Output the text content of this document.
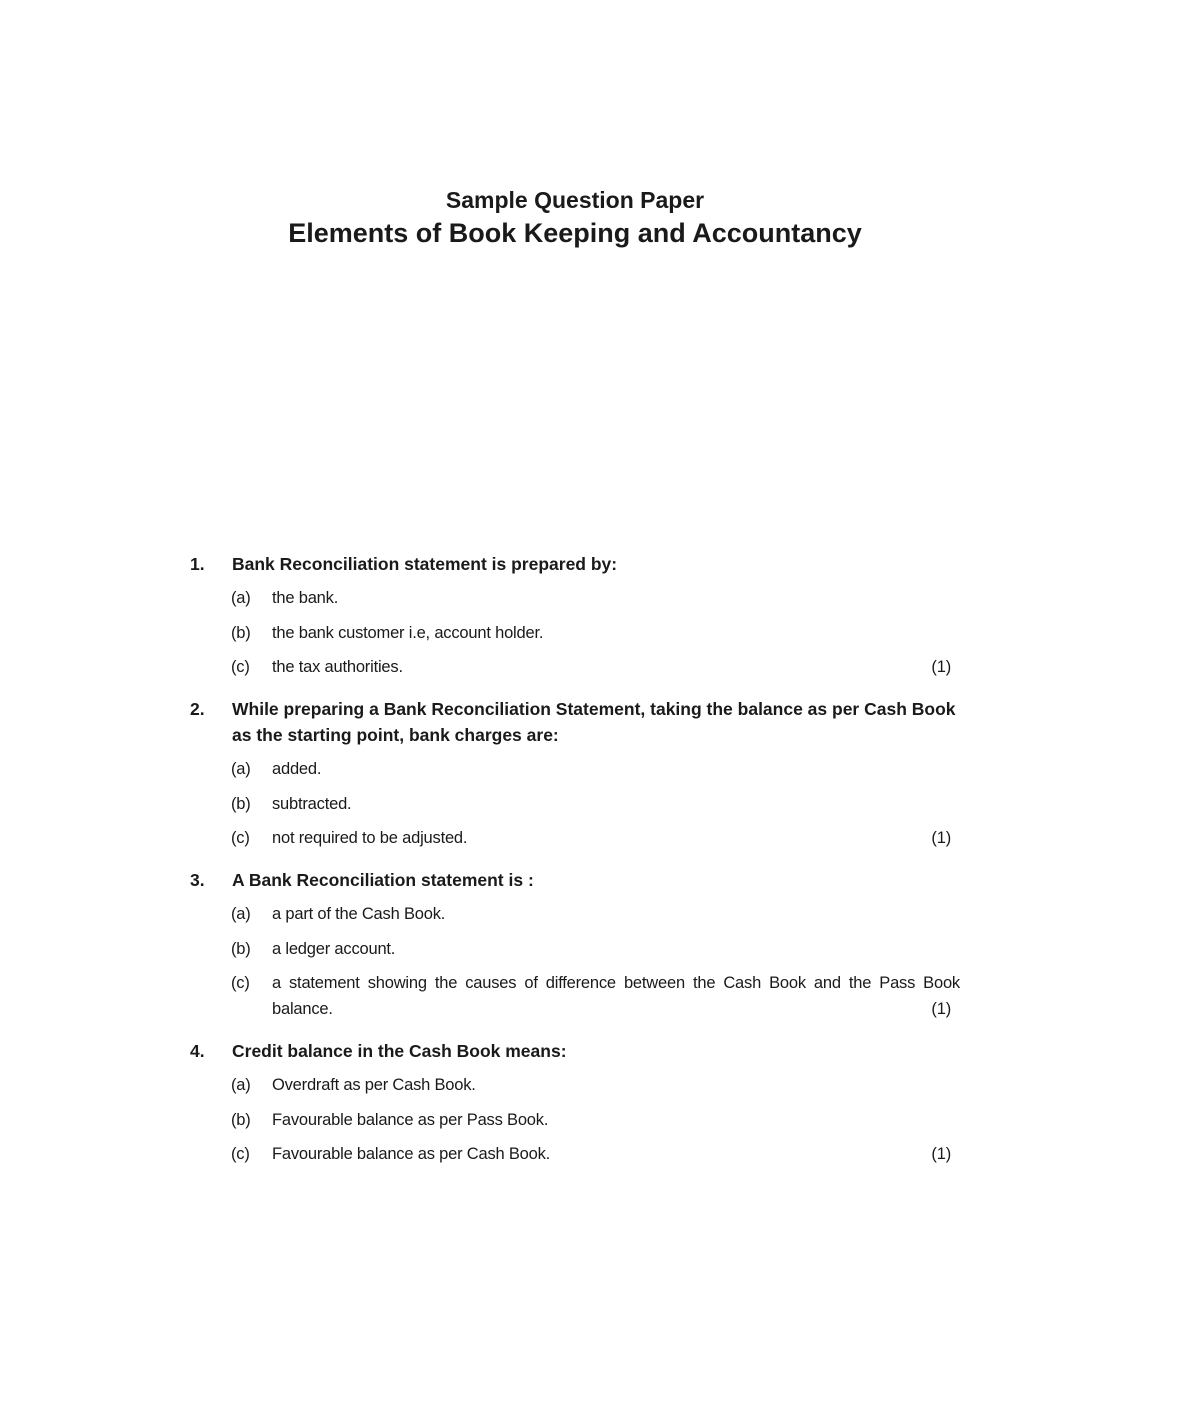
Sample Question Paper

Elements of Book Keeping and Accountancy

1.	Bank Reconciliation statement is prepared by:
(a)	the bank.
(b)	the bank customer i.e, account holder.
(c)	the tax authorities.	(1)
2.	While preparing a Bank Reconciliation Statement, taking the balance as per Cash Book as the starting point, bank charges are:
(a)	added.
(b)	subtracted.
(c)	not required to be adjusted.	(1)
3.	A Bank Reconciliation statement is :
(a)	a part of the Cash Book.
(b)	a ledger account.
(c)	a statement showing the causes of difference between the Cash Book and the Pass Book balance.	(1)
4.	Credit balance in the Cash Book means:
(a)	Overdraft as per Cash Book.
(b)	Favourable balance as per Pass Book.
(c)	Favourable balance as per Cash Book.	(1)
